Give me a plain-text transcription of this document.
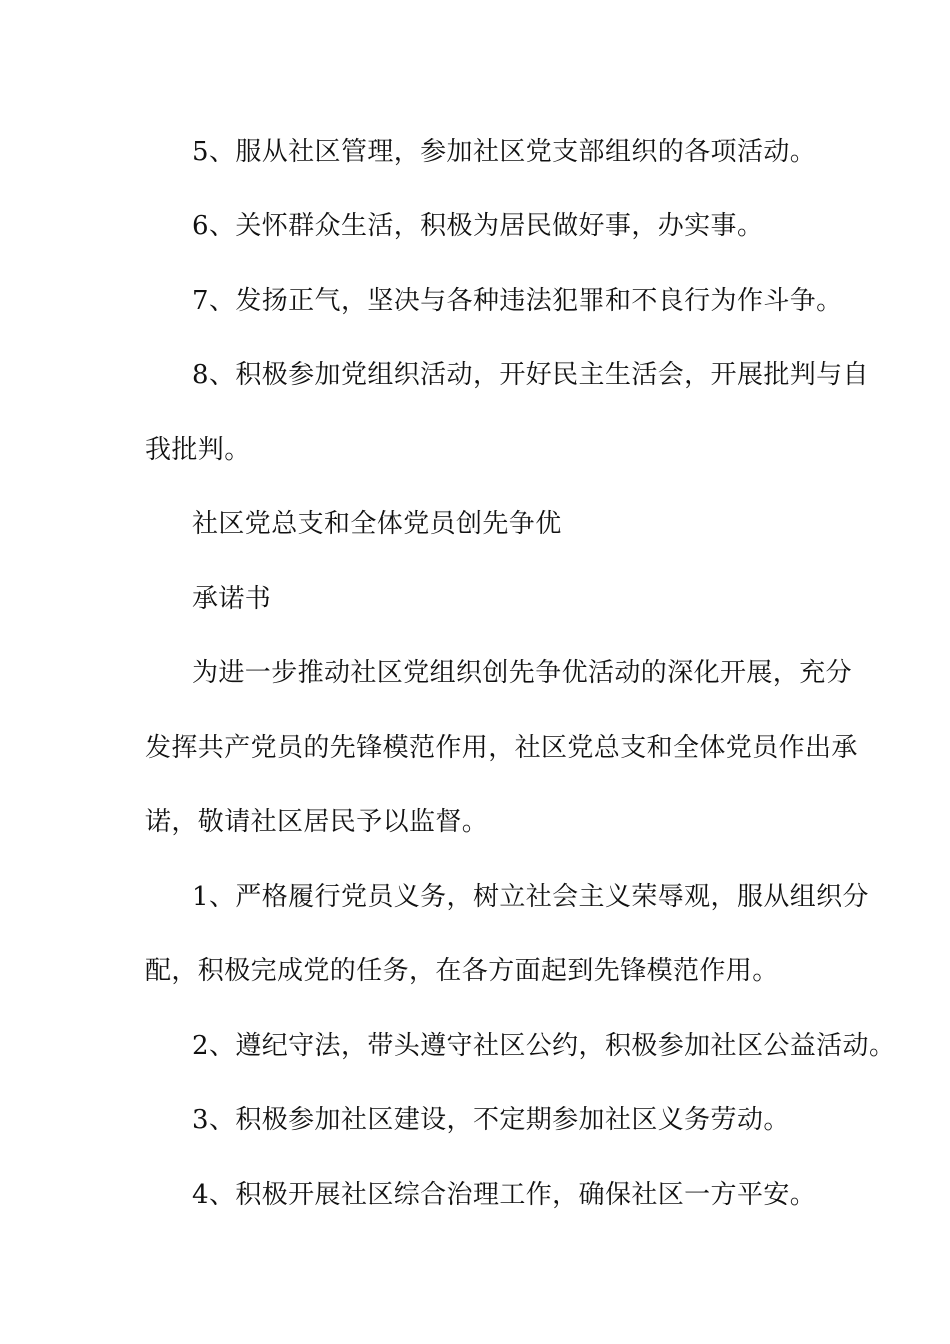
5、服从社区管理，参加社区党支部组织的各项活动。

6、关怀群众生活，积极为居民做好事，办实事。

7、发扬正气，坚决与各种违法犯罪和不良行为作斗争。

8、积极参加党组织活动，开好民主生活会，开展批判与自

我批判。

社区党总支和全体党员创先争优

承诺书

为进一步推动社区党组织创先争优活动的深化开展，充分

发挥共产党员的先锋模范作用，社区党总支和全体党员作出承

诺，敬请社区居民予以监督。

1、严格履行党员义务，树立社会主义荣辱观，服从组织分

配，积极完成党的任务，在各方面起到先锋模范作用。

2、遵纪守法，带头遵守社区公约，积极参加社区公益活动。

3、积极参加社区建设，不定期参加社区义务劳动。

4、积极开展社区综合治理工作，确保社区一方平安。
